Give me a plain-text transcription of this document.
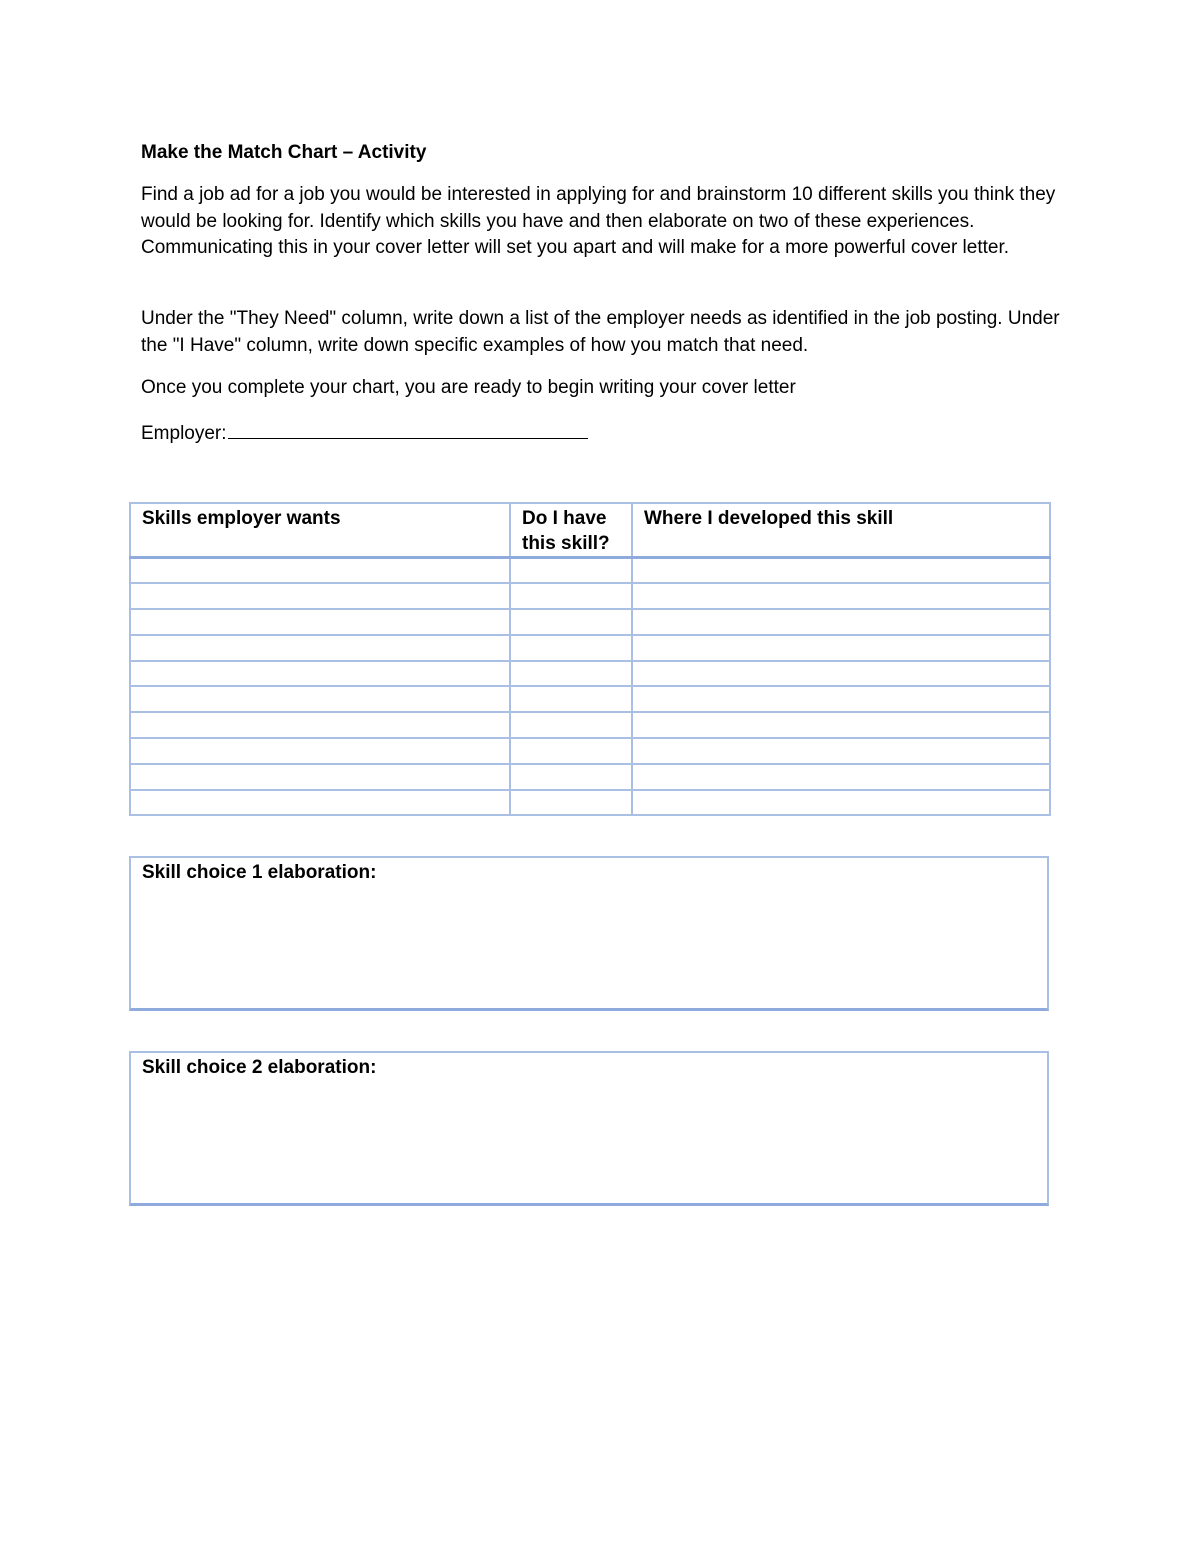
Make the Match Chart – Activity

Find a job ad for a job you would be interested in applying for and brainstorm 10 different skills you think they would be looking for. Identify which skills you have and then elaborate on two of these experiences. Communicating this in your cover letter will set you apart and will make for a more powerful cover letter.

Under the "They Need" column, write down a list of the employer needs as identified in the job posting. Under the "I Have" column, write down specific examples of how you match that need.

Once you complete your chart, you are ready to begin writing your cover letter

Employer:
Skills employer wants	Do I have this skill?	Where I developed this skill

Skill choice 1 elaboration:
Skill choice 2 elaboration:
